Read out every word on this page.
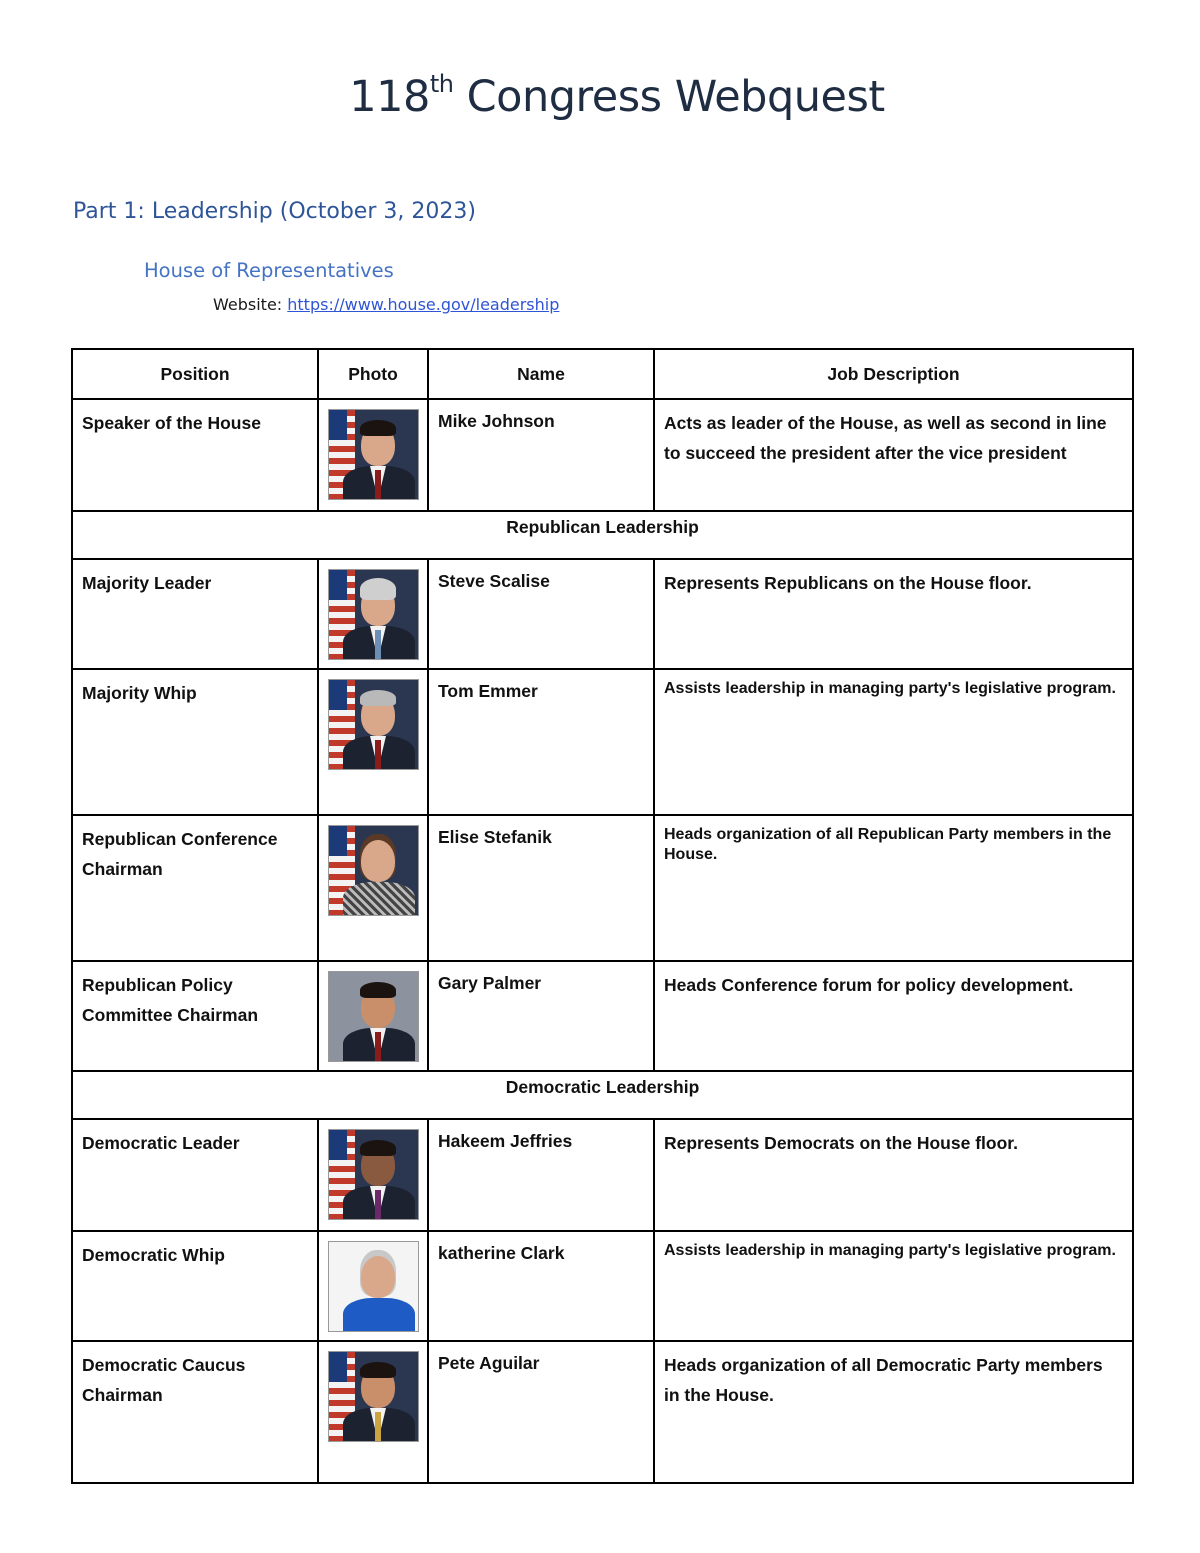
118th Congress Webquest
Part 1: Leadership (October 3, 2023)
House of Representatives
Website: https://www.house.gov/leadership
Position	Photo	Name	Job Description

Speaker of the House		Mike Johnson	Acts as leader of the House, as well as second in line to succeed the president after the vice president

Republican Leadership			

Majority Leader		Steve Scalise	Represents Republicans on the House floor.

Majority Whip		Tom Emmer	Assists leadership in managing party's legislative program.

Republican Conference Chairman		Elise Stefanik	Heads organization of all Republican Party members in the House.

Republican Policy Committee Chairman		Gary Palmer	Heads Conference forum for policy development.

Democratic Leadership			

Democratic Leader		Hakeem Jeffries	Represents Democrats on the House floor.

Democratic Whip		katherine Clark	Assists leadership in managing party's legislative program.

Democratic Caucus Chairman		Pete Aguilar	Heads organization of all Democratic Party members in the House.
